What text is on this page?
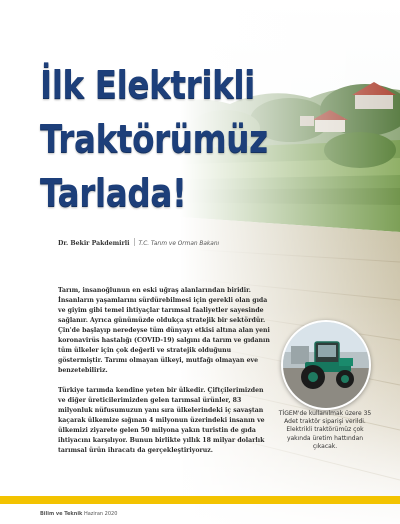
İlk Elektrikli
Traktörümüz
Tarlada!
Dr. Bekir Pakdemirli T.C. Tarım ve Orman Bakanı

Tarım, insanoğlunun en eski uğraş alanlarından biridir. İnsanların yaşamlarını sürdürebilmesi için gerekli olan gıda ve giyim gibi temel ihtiyaçlar tarımsal faaliyetler sayesinde sağlanır. Ayrıca günümüzde oldukça stratejik bir sektördür. Çin'de başlayıp neredeyse tüm dünyayı etkisi altına alan yeni koronavirüs hastalığı (COVID-19) salgını da tarım ve gıdanın tüm ülkeler için çok değerli ve stratejik olduğunu göstermiştir. Tarımı olmayan ülkeyi, mutfağı olmayan eve benzetebiliriz.

Türkiye tarımda kendine yeten bir ülkedir. Çiftçilerimizden ve diğer üreticilerimizden gelen tarımsal ürünler, 83 milyonluk nüfusumuzun yanı sıra ülkelerindeki iç savaştan kaçarak ülkemize sığınan 4 milyonun üzerindeki insanın ve ülkemizi ziyarete gelen 50 milyona yakın turistin de gıda ihtiyacını karşılıyor. Bunun birlikte yıllık 18 milyar dolarlık tarımsal ürün ihracatı da gerçekleştiriyoruz.

TİGEM'de kullanılmak üzere 35 Adet traktör siparişi verildi. Elektrikli traktörümüz çok yakında üretim hattından çıkacak.
Bilim ve Teknik Haziran 2020
